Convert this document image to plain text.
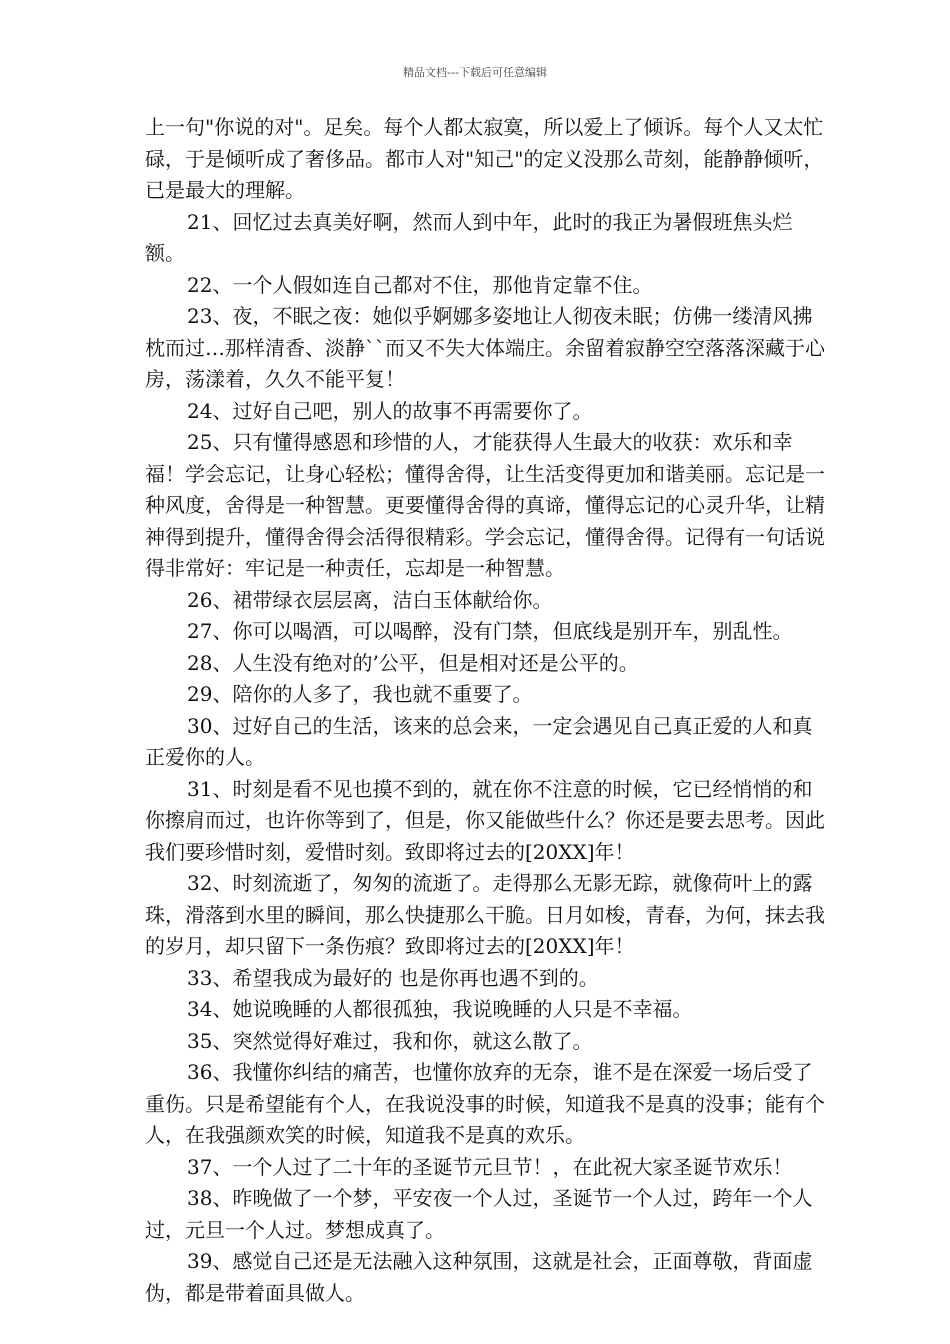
精品文档---下载后可任意编辑

上一句"你说的对"。足矣。每个人都太寂寞，所以爱上了倾诉。每个人又太忙碌，于是倾听成了奢侈品。都市人对"知己"的定义没那么苛刻，能静静倾听，已是最大的理解。

21、回忆过去真美好啊，然而人到中年，此时的我正为暑假班焦头烂额。

22、一个人假如连自己都对不住，那他肯定靠不住。

23、夜，不眠之夜：她似乎婀娜多姿地让人彻夜未眠；仿佛一缕清风拂枕而过…那样清香、淡静``而又不失大体端庄。余留着寂静空空落落深藏于心房，荡漾着，久久不能平复！

24、过好自己吧，别人的故事不再需要你了。

25、只有懂得感恩和珍惜的人，才能获得人生最大的收获：欢乐和幸福！学会忘记，让身心轻松；懂得舍得，让生活变得更加和谐美丽。忘记是一种风度，舍得是一种智慧。更要懂得舍得的真谛，懂得忘记的心灵升华，让精神得到提升，懂得舍得会活得很精彩。学会忘记，懂得舍得。记得有一句话说得非常好：牢记是一种责任，忘却是一种智慧。

26、裙带绿衣层层离，洁白玉体献给你。

27、你可以喝酒，可以喝醉，没有门禁，但底线是别开车，别乱性。

28、人生没有绝对的’公平，但是相对还是公平的。

29、陪你的人多了，我也就不重要了。

30、过好自己的生活，该来的总会来，一定会遇见自己真正爱的人和真正爱你的人。

31、时刻是看不见也摸不到的，就在你不注意的时候，它已经悄悄的和你擦肩而过，也许你等到了，但是，你又能做些什么？你还是要去思考。因此我们要珍惜时刻，爱惜时刻。致即将过去的[20XX]年！

32、时刻流逝了，匆匆的流逝了。走得那么无影无踪，就像荷叶上的露珠，滑落到水里的瞬间，那么快捷那么干脆。日月如梭，青春，为何，抹去我的岁月，却只留下一条伤痕？致即将过去的[20XX]年！

33、希望我成为最好的 也是你再也遇不到的。

34、她说晚睡的人都很孤独，我说晚睡的人只是不幸福。

35、突然觉得好难过，我和你，就这么散了。

36、我懂你纠结的痛苦，也懂你放弃的无奈，谁不是在深爱一场后受了重伤。只是希望能有个人，在我说没事的时候，知道我不是真的没事；能有个人，在我强颜欢笑的时候，知道我不是真的欢乐。

37、一个人过了二十年的圣诞节元旦节！，在此祝大家圣诞节欢乐！

38、昨晚做了一个梦，平安夜一个人过，圣诞节一个人过，跨年一个人过，元旦一个人过。梦想成真了。

39、感觉自己还是无法融入这种氛围，这就是社会，正面尊敬，背面虚伪，都是带着面具做人。
